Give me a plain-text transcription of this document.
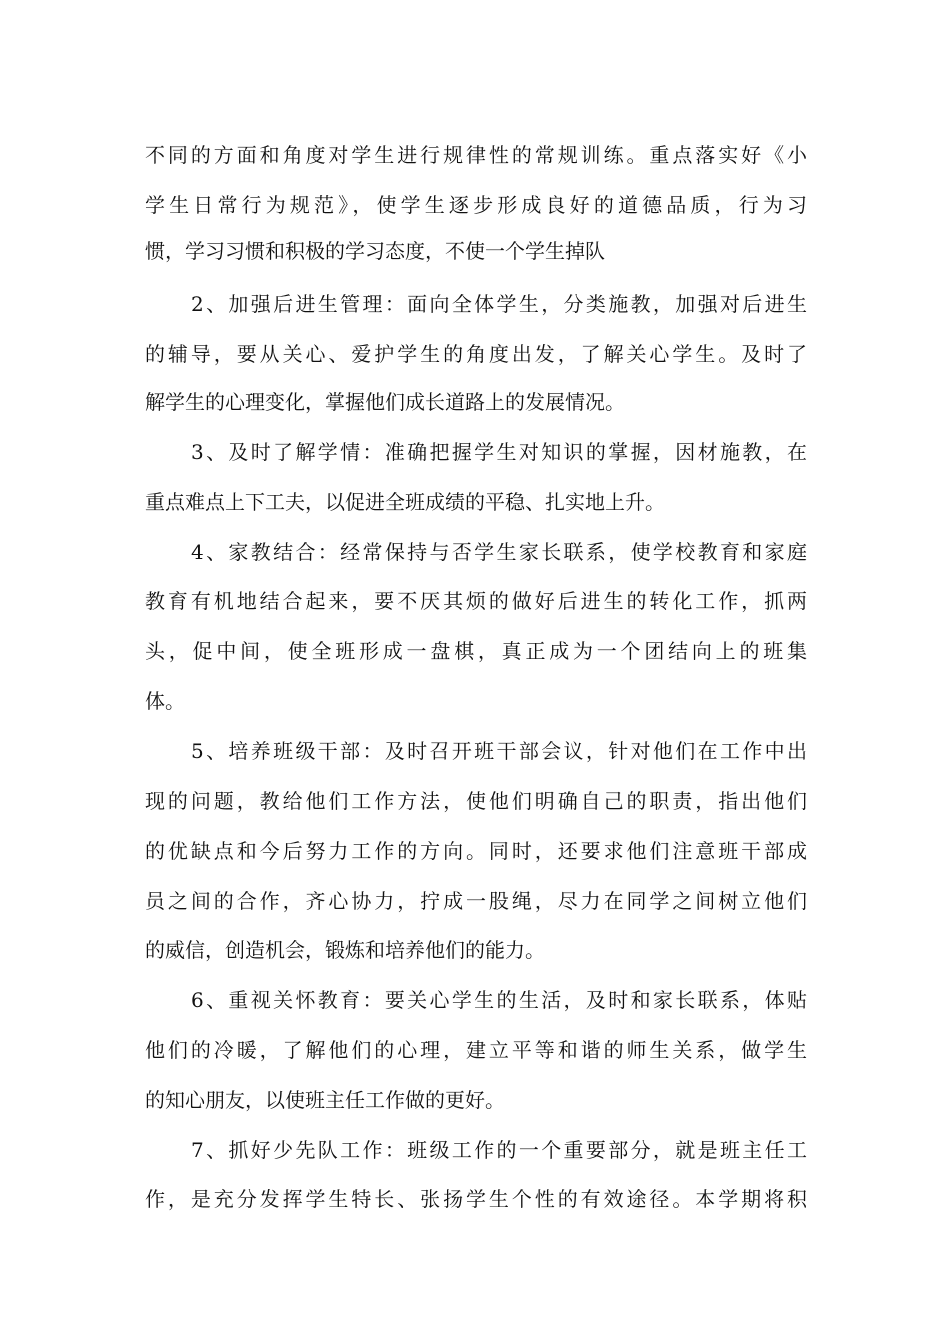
不同的方面和角度对学生进行规律性的常规训练。重点落实好《小
学生日常行为规范》，使学生逐步形成良好的道德品质，行为习
惯，学习习惯和积极的学习态度，不使一个学生掉队
2、加强后进生管理：面向全体学生，分类施教，加强对后进生
的辅导，要从关心、爱护学生的角度出发，了解关心学生。及时了
解学生的心理变化，掌握他们成长道路上的发展情况。
3、及时了解学情：准确把握学生对知识的掌握，因材施教，在
重点难点上下工夫，以促进全班成绩的平稳、扎实地上升。
4、家教结合：经常保持与否学生家长联系，使学校教育和家庭
教育有机地结合起来，要不厌其烦的做好后进生的转化工作，抓两
头，促中间，使全班形成一盘棋，真正成为一个团结向上的班集
体。
5、培养班级干部：及时召开班干部会议，针对他们在工作中出
现的问题，教给他们工作方法，使他们明确自己的职责，指出他们
的优缺点和今后努力工作的方向。同时，还要求他们注意班干部成
员之间的合作，齐心协力，拧成一股绳，尽力在同学之间树立他们
的威信，创造机会，锻炼和培养他们的能力。
6、重视关怀教育：要关心学生的生活，及时和家长联系，体贴
他们的冷暖，了解他们的心理，建立平等和谐的师生关系，做学生
的知心朋友，以使班主任工作做的更好。
7、抓好少先队工作：班级工作的一个重要部分，就是班主任工
作，是充分发挥学生特长、张扬学生个性的有效途径。本学期将积
